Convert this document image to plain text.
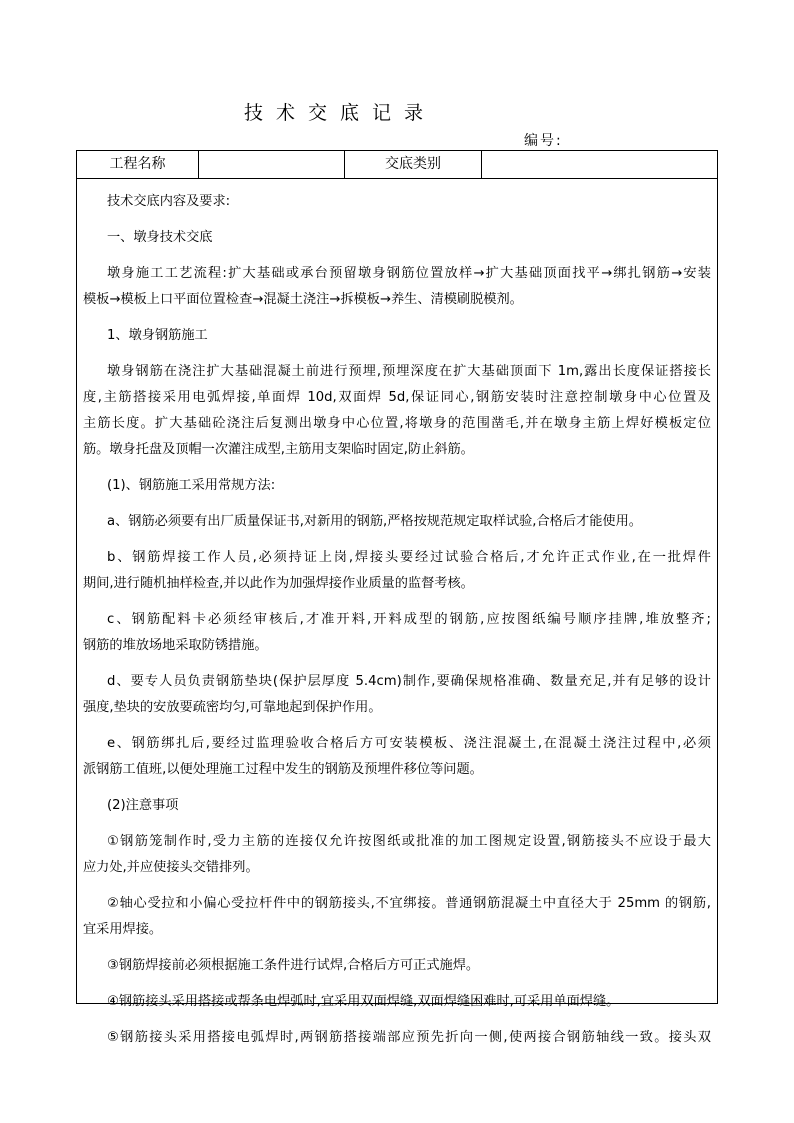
技术交底记录
编号:
工程名称	交底类别
技术交底内容及要求:
一、墩身技术交底
墩身施工工艺流程:扩大基础或承台预留墩身钢筋位置放样→扩大基础顶面找平→绑扎钢筋→安装
模板→模板上口平面位置检查→混凝土浇注→拆模板→养生、清模刷脱模剂。
1、墩身钢筋施工
墩身钢筋在浇注扩大基础混凝土前进行预埋,预埋深度在扩大基础顶面下 1m,露出长度保证搭接长
度,主筋搭接采用电弧焊接,单面焊 10d,双面焊 5d,保证同心,钢筋安装时注意控制墩身中心位置及
主筋长度。扩大基础砼浇注后复测出墩身中心位置,将墩身的范围凿毛,并在墩身主筋上焊好模板定位
筋。墩身托盘及顶帽一次灌注成型,主筋用支架临时固定,防止斜筋。
(1)、钢筋施工采用常规方法:
a、钢筋必须要有出厂质量保证书,对新用的钢筋,严格按规范规定取样试验,合格后才能使用。
b、钢筋焊接工作人员,必须持证上岗,焊接头要经过试验合格后,才允许正式作业,在一批焊件
期间,进行随机抽样检查,并以此作为加强焊接作业质量的监督考核。
c、钢筋配料卡必须经审核后,才准开料,开料成型的钢筋,应按图纸编号顺序挂牌,堆放整齐;
钢筋的堆放场地采取防锈措施。
d、要专人员负责钢筋垫块(保护层厚度 5.4cm)制作,要确保规格准确、数量充足,并有足够的设计
强度,垫块的安放要疏密均匀,可靠地起到保护作用。
e、钢筋绑扎后,要经过监理验收合格后方可安装模板、浇注混凝土,在混凝土浇注过程中,必须
派钢筋工值班,以便处理施工过程中发生的钢筋及预埋件移位等问题。
(2)注意事项
①钢筋笼制作时,受力主筋的连接仅允许按图纸或批准的加工图规定设置,钢筋接头不应设于最大
应力处,并应使接头交错排列。
②轴心受拉和小偏心受拉杆件中的钢筋接头,不宜绑接。普通钢筋混凝土中直径大于 25mm 的钢筋,
宜采用焊接。
③钢筋焊接前必须根据施工条件进行试焊,合格后方可正式施焊。
④钢筋接头采用搭接或帮条电焊弧时,宜采用双面焊缝,双面焊缝困难时,可采用单面焊缝。
⑤钢筋接头采用搭接电弧焊时,两钢筋搭接端部应预先折向一侧,使两接合钢筋轴线一致。接头双
